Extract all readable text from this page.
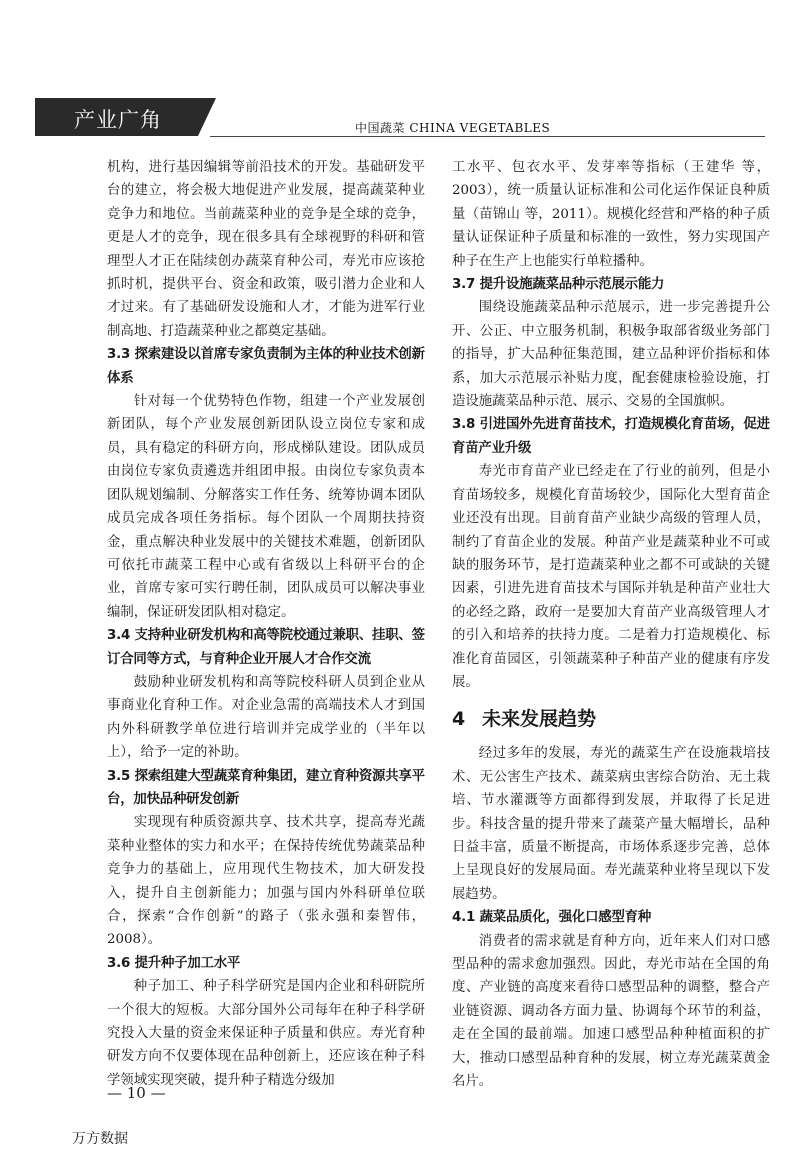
产业广角	中国蔬菜 CHINA VEGETABLES

机构，进行基因编辑等前沿技术的开发。基础研发平台的建立，将会极大地促进产业发展，提高蔬菜种业竞争力和地位。当前蔬菜种业的竞争是全球的竞争，更是人才的竞争，现在很多具有全球视野的科研和管理型人才正在陆续创办蔬菜育种公司，寿光市应该抢抓时机，提供平台、资金和政策，吸引潜力企业和人才过来。有了基础研发设施和人才，才能为进军行业制高地、打造蔬菜种业之都奠定基础。

3.3 探索建设以首席专家负责制为主体的种业技术创新体系

针对每一个优势特色作物，组建一个产业发展创新团队，每个产业发展创新团队设立岗位专家和成员，具有稳定的科研方向，形成梯队建设。团队成员由岗位专家负责遴选并组团申报。由岗位专家负责本团队规划编制、分解落实工作任务、统筹协调本团队成员完成各项任务指标。每个团队一个周期扶持资金，重点解决种业发展中的关键技术难题，创新团队可依托市蔬菜工程中心或有省级以上科研平台的企业，首席专家可实行聘任制，团队成员可以解决事业编制，保证研发团队相对稳定。

3.4 支持种业研发机构和高等院校通过兼职、挂职、签订合同等方式，与育种企业开展人才合作交流

鼓励种业研发机构和高等院校科研人员到企业从事商业化育种工作。对企业急需的高端技术人才到国内外科研教学单位进行培训并完成学业的（半年以上），给予一定的补助。

3.5 探索组建大型蔬菜育种集团，建立育种资源共享平台，加快品种研发创新

实现现有种质资源共享、技术共享，提高寿光蔬菜种业整体的实力和水平；在保持传统优势蔬菜品种竞争力的基础上，应用现代生物技术，加大研发投入，提升自主创新能力；加强与国内外科研单位联合，探索“合作创新”的路子（张永强和秦智伟，2008）。

3.6 提升种子加工水平

种子加工、种子科学研究是国内企业和科研院所一个很大的短板。大部分国外公司每年在种子科学研究投入大量的资金来保证种子质量和供应。寿光育种研发方向不仅要体现在品种创新上，还应该在种子科学领域实现突破，提升种子精选分级加

工水平、包衣水平、发芽率等指标（王建华 等，2003），统一质量认证标准和公司化运作保证良种质量（苗锦山 等，2011）。规模化经营和严格的种子质量认证保证种子质量和标准的一致性，努力实现国产种子在生产上也能实行单粒播种。

3.7 提升设施蔬菜品种示范展示能力

围绕设施蔬菜品种示范展示，进一步完善提升公开、公正、中立服务机制，积极争取部省级业务部门的指导，扩大品种征集范围，建立品种评价指标和体系，加大示范展示补贴力度，配套健康检验设施，打造设施蔬菜品种示范、展示、交易的全国旗帜。

3.8 引进国外先进育苗技术，打造规模化育苗场，促进育苗产业升级

寿光市育苗产业已经走在了行业的前列，但是小育苗场较多，规模化育苗场较少，国际化大型育苗企业还没有出现。目前育苗产业缺少高级的管理人员，制约了育苗企业的发展。种苗产业是蔬菜种业不可或缺的服务环节，是打造蔬菜种业之都不可或缺的关键因素，引进先进育苗技术与国际并轨是种苗产业壮大的必经之路，政府一是要加大育苗产业高级管理人才的引入和培养的扶持力度。二是着力打造规模化、标准化育苗园区，引领蔬菜种子种苗产业的健康有序发展。

4 未来发展趋势

经过多年的发展，寿光的蔬菜生产在设施栽培技术、无公害生产技术、蔬菜病虫害综合防治、无土栽培、节水灌溉等方面都得到发展，并取得了长足进步。科技含量的提升带来了蔬菜产量大幅增长，品种日益丰富，质量不断提高，市场体系逐步完善，总体上呈现良好的发展局面。寿光蔬菜种业将呈现以下发展趋势。

4.1 蔬菜品质化，强化口感型育种

消费者的需求就是育种方向，近年来人们对口感型品种的需求愈加强烈。因此，寿光市站在全国的角度、产业链的高度来看待口感型品种的调整，整合产业链资源、调动各方面力量、协调每个环节的利益，走在全国的最前端。加速口感型品种种植面积的扩大，推动口感型品种育种的发展，树立寿光蔬菜黄金名片。

— 10 —
万方数据
